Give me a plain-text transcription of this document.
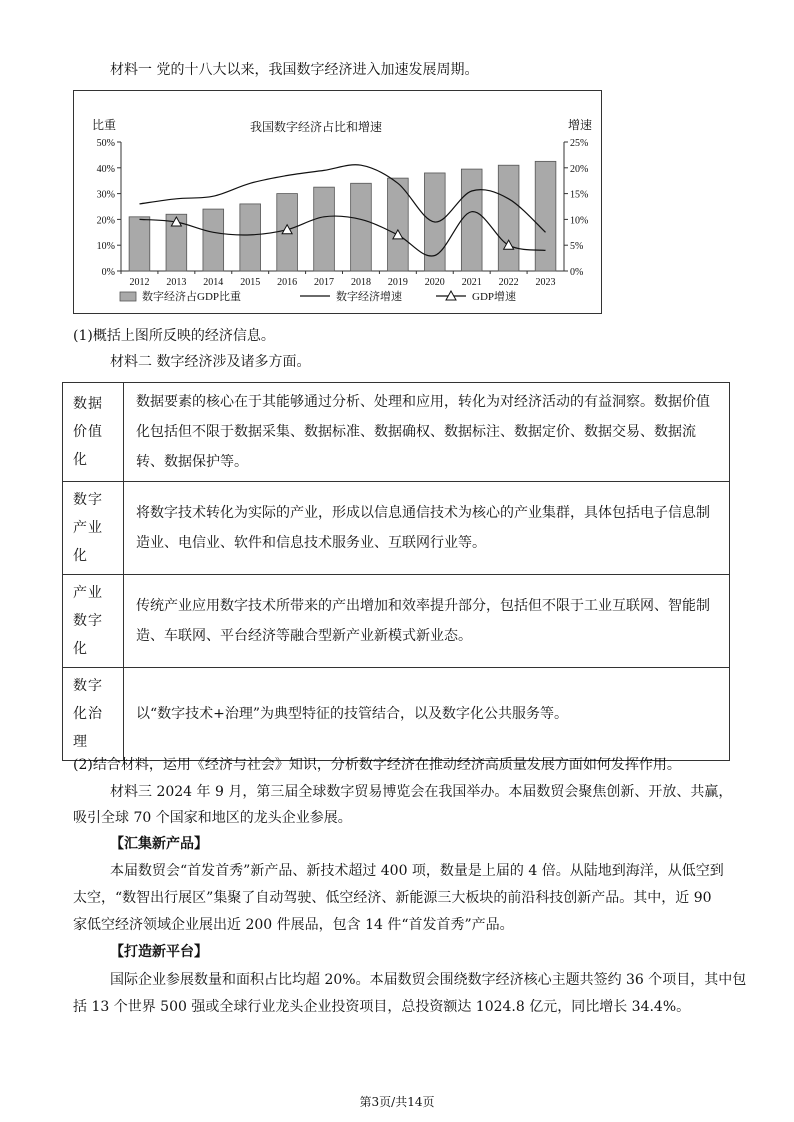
材料一 党的十八大以来，我国数字经济进入加速发展周期。
我国数字经济占比和增速
比重	增速
0%
10%
20%
30%
40%
50%
0%
5%
10%
15%
20%
25%
2012 2013 2014 2015 2016 2017 2018 2019 2020 2021 2022 2023
数字经济占GDP比重	数字经济增速	GDP增速
(1)概括上图所反映的经济信息。
材料二 数字经济涉及诸多方面。
数据
价值
化	数据要素的核心在于其能够通过分析、处理和应用，转化为对经济活动的有益洞察。数据价值化包括但不限于数据采集、数据标准、数据确权、数据标注、数据定价、数据交易、数据流转、数据保护等。

数字
产业
化	将数字技术转化为实际的产业，形成以信息通信技术为核心的产业集群，具体包括电子信息制造业、电信业、软件和信息技术服务业、互联网行业等。

产业
数字
化	传统产业应用数字技术所带来的产出增加和效率提升部分，包括但不限于工业互联网、智能制造、车联网、平台经济等融合型新产业新模式新业态。

数字
化治
理	以“数字技术+治理”为典型特征的技管结合，以及数字化公共服务等。
(2)结合材料，运用《经济与社会》知识，分析数字经济在推动经济高质量发展方面如何发挥作用。
材料三 2024 年 9 月，第三届全球数字贸易博览会在我国举办。本届数贸会聚焦创新、开放、共赢，
吸引全球 70 个国家和地区的龙头企业参展。
【汇集新产品】
本届数贸会“首发首秀”新产品、新技术超过 400 项，数量是上届的 4 倍。从陆地到海洋，从低空到
太空，“数智出行展区”集聚了自动驾驶、低空经济、新能源三大板块的前沿科技创新产品。其中，近 90
家低空经济领域企业展出近 200 件展品，包含 14 件“首发首秀”产品。
【打造新平台】
国际企业参展数量和面积占比均超 20%。本届数贸会围绕数字经济核心主题共签约 36 个项目，其中包
括 13 个世界 500 强或全球行业龙头企业投资项目，总投资额达 1024.8 亿元，同比增长 34.4%。
第3页/共14页
